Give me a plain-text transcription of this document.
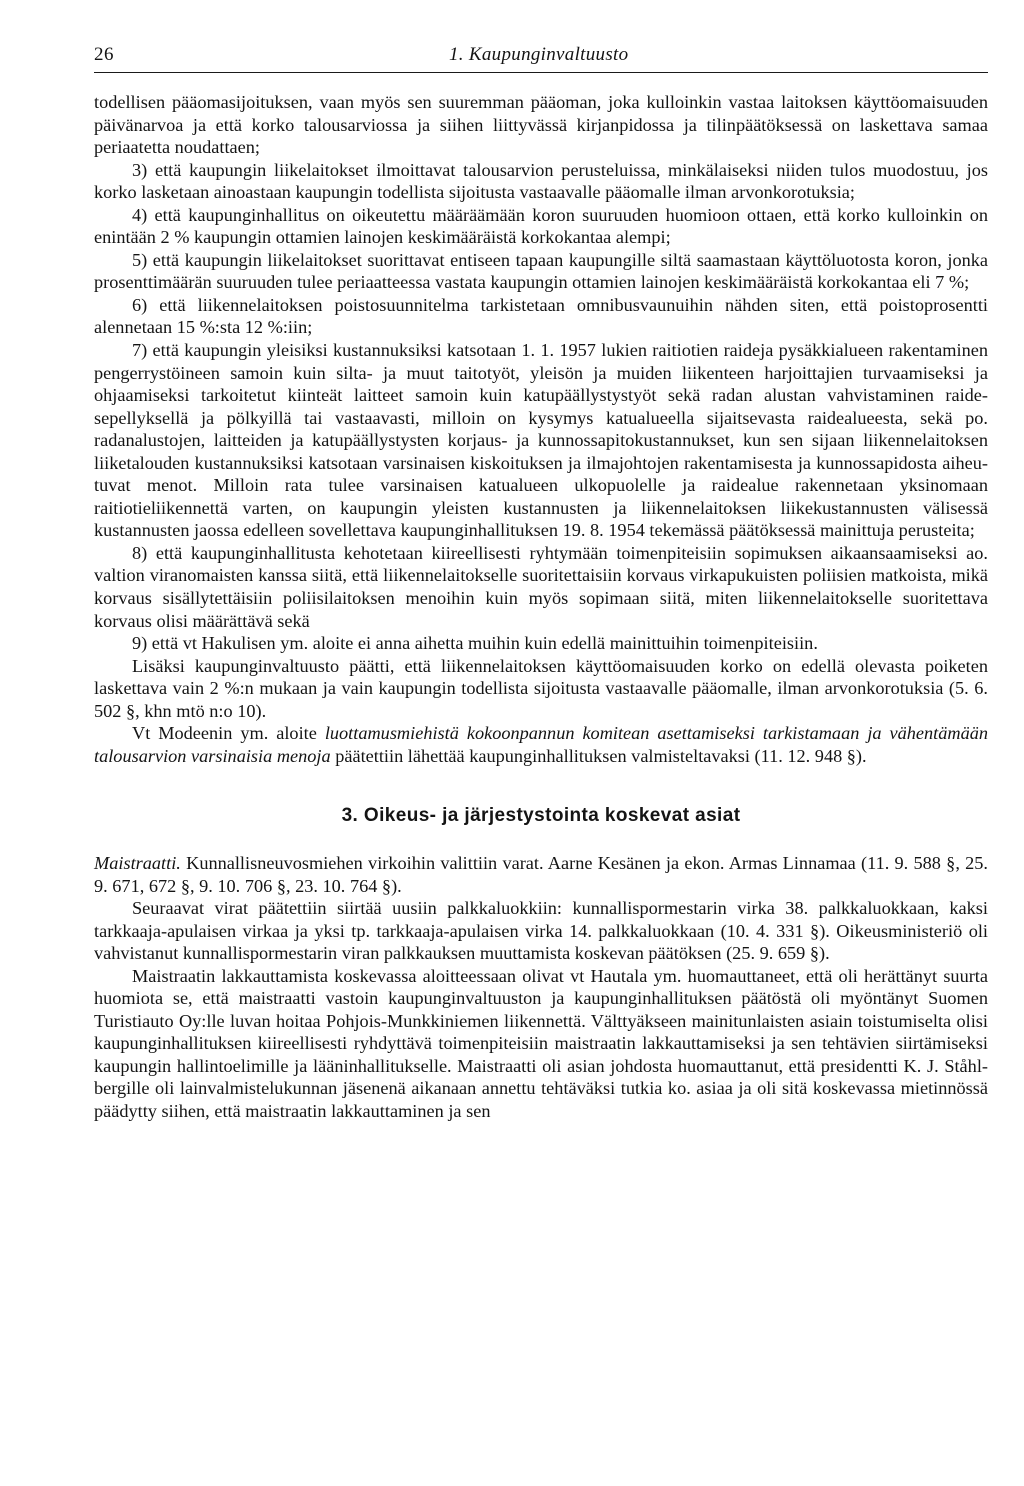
26	1. Kaupunginvaltuusto

todellisen pääomasijoituksen, vaan myös sen suuremman pääoman, joka kulloinkin vastaa laitoksen käyttöomaisuuden päivänarvoa ja että korko talousarviossa ja siihen liittyvässä kirjanpidossa ja tilinpäätöksessä on laskettava samaa periaatetta noudattaen;

3) että kaupungin liikelaitokset ilmoittavat talousarvion perusteluissa, minkälaiseksi niiden tulos muodostuu, jos korko lasketaan ainoastaan kaupungin todellista sijoitusta vastaavalle pääomalle ilman arvonkorotuksia;

4) että kaupunginhallitus on oikeutettu määräämään koron suuruuden huomioon ottaen, että korko kulloinkin on enintään 2 % kaupungin ottamien lainojen keskimääräistä korkokantaa alempi;

5) että kaupungin liikelaitokset suorittavat entiseen tapaan kaupungille siltä saamastaan käyttöluotosta koron, jonka prosenttimäärän suuruuden tulee periaatteessa vastata kaupungin ottamien lainojen keskimääräistä korkokantaa eli 7 %;

6) että liikennelaitoksen poistosuunnitelma tarkistetaan omnibusvaunuihin nähden siten, että poistoprosentti alennetaan 15 %:sta 12 %:iin;

7) että kaupungin yleisiksi kustannuksiksi katsotaan 1. 1. 1957 lukien raitiotien raideja pysäkkialueen rakentaminen pengerrystöineen samoin kuin silta- ja muut taitotyöt, yleisön ja muiden liikenteen harjoittajien turvaamiseksi ja ohjaamiseksi tarkoitetut kiinteät laitteet samoin kuin katupäällystystyöt sekä radan alustan vahvistaminen raidesepellyksellä ja pölkyillä tai vastaavasti, milloin on kysymys katualueella sijaitsevasta raidealueesta, sekä po. radanalustojen, laitteiden ja katupäällystysten korjaus- ja kunnossapitokustannukset, kun sen sijaan liikennelaitoksen liiketalouden kustannuksiksi katsotaan varsinaisen kiskoituksen ja ilmajohtojen rakentamisesta ja kunnossapidosta aiheutuvat menot. Milloin rata tulee varsinaisen katualueen ulkopuolelle ja raidealue rakennetaan yksinomaan raitiotieliikennettä varten, on kaupungin yleisten kustannusten ja liikennelaitoksen liikekustannusten välisessä kustannusten jaossa edelleen sovellettava kaupunginhallituksen 19. 8. 1954 tekemässä päätöksessä mainittuja perusteita;

8) että kaupunginhallitusta kehotetaan kiireellisesti ryhtymään toimenpiteisiin sopimuksen aikaansaamiseksi ao. valtion viranomaisten kanssa siitä, että liikennelaitokselle suoritettaisiin korvaus virkapukuisten poliisien matkoista, mikä korvaus sisällytettäisiin poliisilaitoksen menoihin kuin myös sopimaan siitä, miten liikennelaitokselle suoritettava korvaus olisi määrättävä sekä

9) että vt Hakulisen ym. aloite ei anna aihetta muihin kuin edellä mainittuihin toimenpiteisiin.

Lisäksi kaupunginvaltuusto päätti, että liikennelaitoksen käyttöomaisuuden korko on edellä olevasta poiketen laskettava vain 2 %:n mukaan ja vain kaupungin todellista sijoitusta vastaavalle pääomalle, ilman arvonkorotuksia (5. 6. 502 §, khn mtö n:o 10).

Vt Modeenin ym. aloite luottamusmiehistä kokoonpannun komitean asettamiseksi tarkistamaan ja vähentämään talousarvion varsinaisia menoja päätettiin lähettää kaupunginhallituksen valmisteltavaksi (11. 12. 948 §).

3. Oikeus- ja järjestystointa koskevat asiat

Maistraatti. Kunnallisneuvosmiehen virkoihin valittiin varat. Aarne Kesänen ja ekon. Armas Linnamaa (11. 9. 588 §, 25. 9. 671, 672 §, 9. 10. 706 §, 23. 10. 764 §).

Seuraavat virat päätettiin siirtää uusiin palkkaluokkiin: kunnallispormestarin virka 38. palkkaluokkaan, kaksi tarkkaaja-apulaisen virkaa ja yksi tp. tarkkaaja-apulaisen virka 14. palkkaluokkaan (10. 4. 331 §). Oikeusministeriö oli vahvistanut kunnallispormestarin viran palkkauksen muuttamista koskevan päätöksen (25. 9. 659 §).

Maistraatin lakkauttamista koskevassa aloitteessaan olivat vt Hautala ym. huomauttaneet, että oli herättänyt suurta huomiota se, että maistraatti vastoin kaupunginvaltuuston ja kaupunginhallituksen päätöstä oli myöntänyt Suomen Turistiauto Oy:lle luvan hoitaa Pohjois-Munkkiniemen liikennettä. Välttyäkseen mainitunlaisten asiain toistumiselta olisi kaupunginhallituksen kiireellisesti ryhdyttävä toimenpiteisiin maistraatin lakkauttamiseksi ja sen tehtävien siirtämiseksi kaupungin hallintoelimille ja lääninhallitukselle. Maistraatti oli asian johdosta huomauttanut, että presidentti K. J. Ståhlbergille oli lainvalmistelukunnan jäsenenä aikanaan annettu tehtäväksi tutkia ko. asiaa ja oli sitä koskevassa mietinnössä päädytty siihen, että maistraatin lakkauttaminen ja sen
